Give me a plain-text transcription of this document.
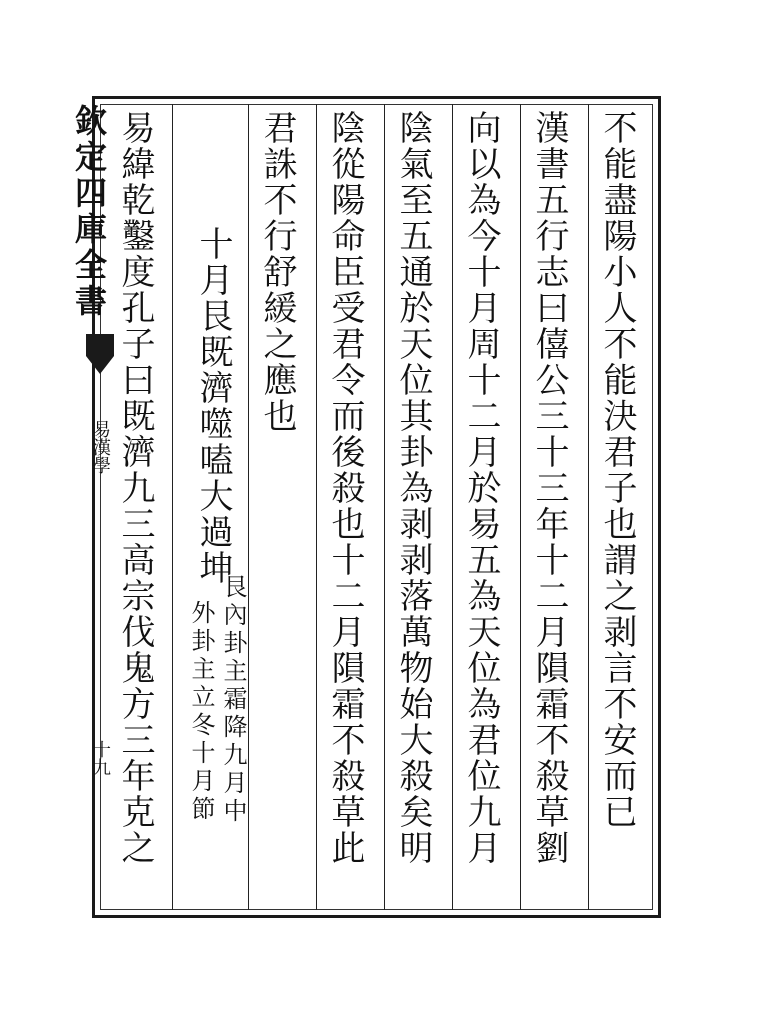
不能盡陽小人不能決君子也謂之剥言不安而已
漢書五行志曰僖公三十三年十二月隕霜不殺草劉
向以為今十月周十二月於易五為天位為君位九月
陰氣至五通於天位其卦為剥剥落萬物始大殺矣明
陰從陽命臣受君令而後殺也十二月隕霜不殺草此
君誅不行舒緩之應也
十月艮既濟噬嗑大過坤
艮內卦主霜降九月中
外卦主立冬十月節
易緯乾鑿度孔子曰既濟九三高宗伐鬼方三年克之
欽定四庫全書
易漢學
十九
